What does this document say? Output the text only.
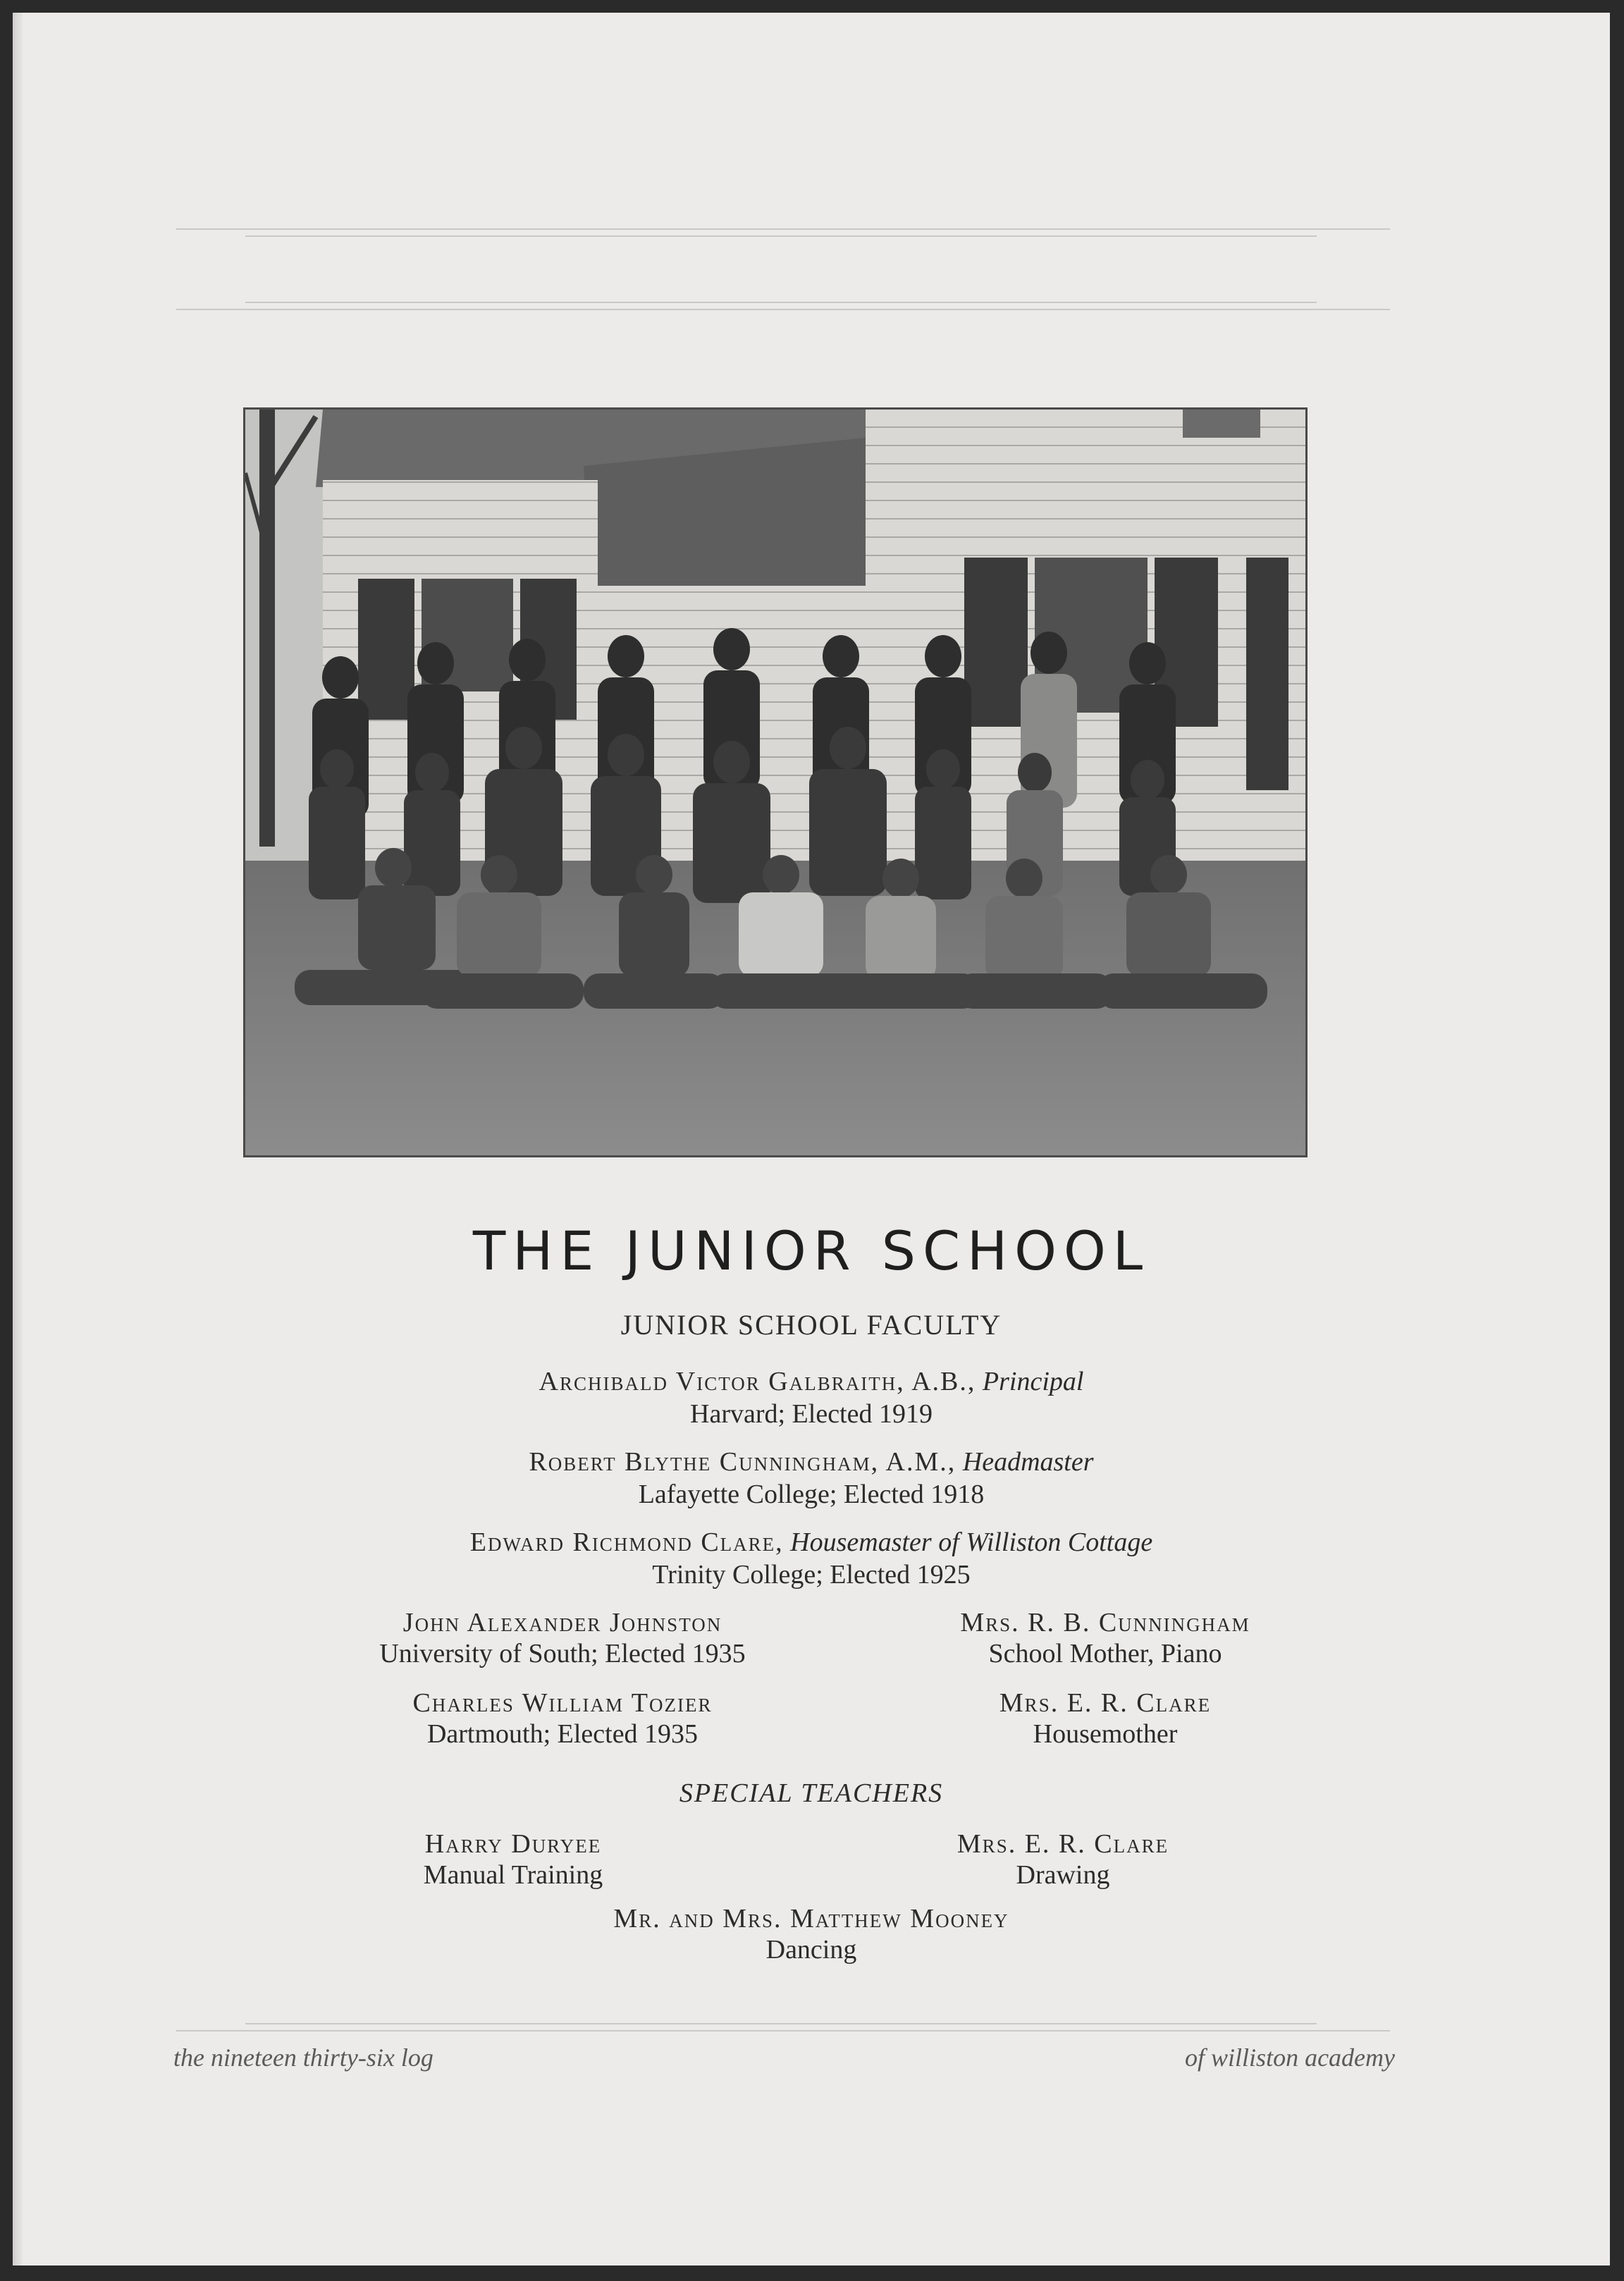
THE JUNIOR SCHOOL
JUNIOR SCHOOL FACULTY
Archibald Victor Galbraith, A.B., Principal
Harvard; Elected 1919
Robert Blythe Cunningham, A.M., Headmaster
Lafayette College; Elected 1918
Edward Richmond Clare, Housemaster of Williston Cottage
Trinity College; Elected 1925
John Alexander Johnston
University of South; Elected 1935
Charles William Tozier
Dartmouth; Elected 1935
Mrs. R. B. Cunningham
School Mother, Piano
Mrs. E. R. Clare
Housemother
SPECIAL TEACHERS
Harry Duryee
Manual Training
Mrs. E. R. Clare
Drawing
Mr. and Mrs. Matthew Mooney
Dancing
the nineteen thirty-six log	of williston academy
